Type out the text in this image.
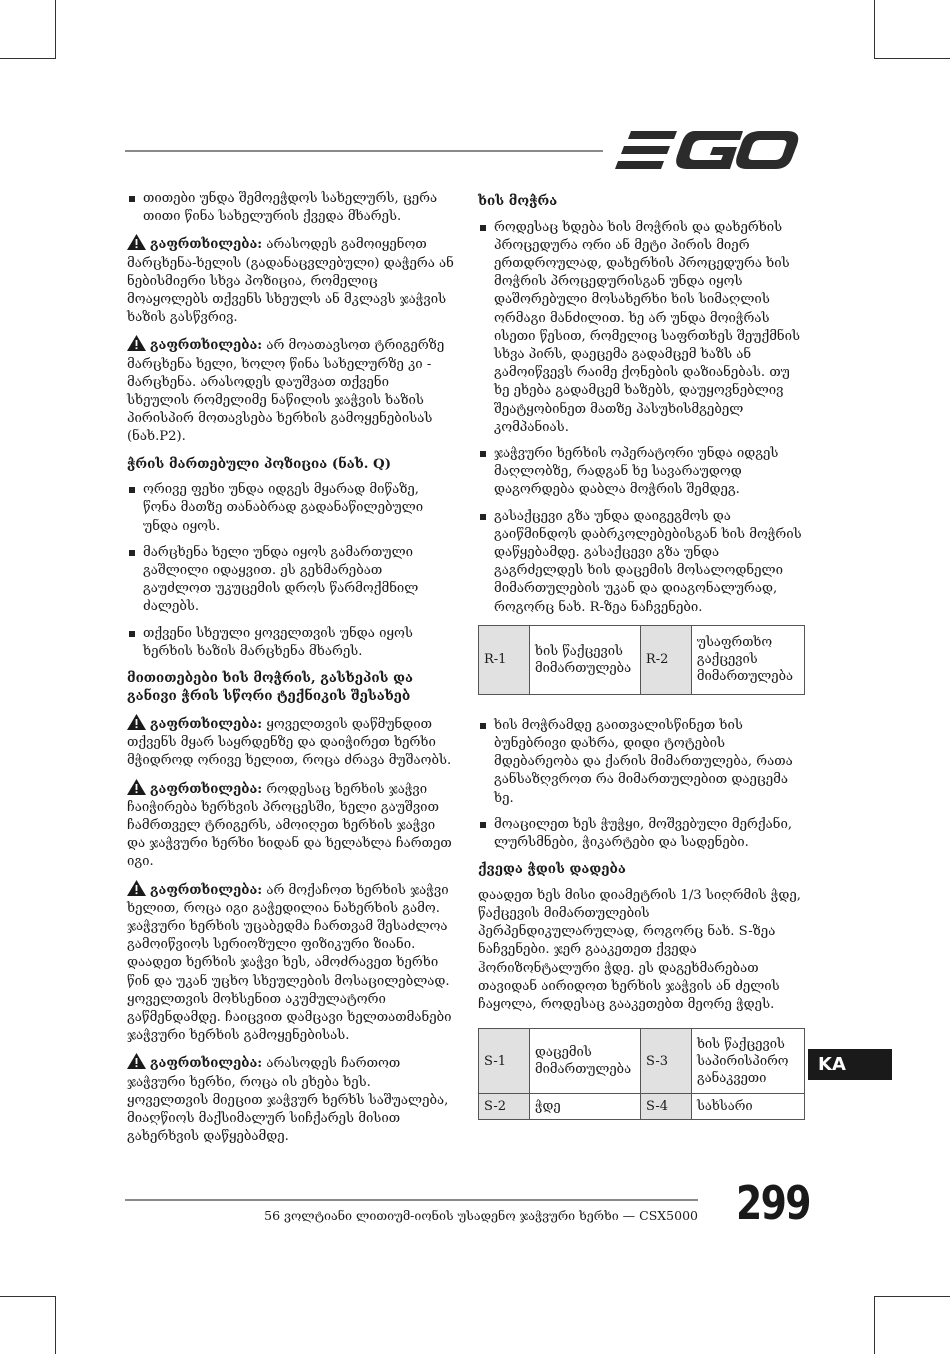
თითები უნდა შემოეჭდოს სახელურს, ცერა თითი წინა სახელურის ქვედა მხარეს.
გაფრთხილება: არასოდეს გამოიყენოთ მარცხენა-ხელის (გადანაცვლებული) დაჭერა ან ნებისმიერი სხვა პოზიცია, რომელიც მოაყოლებს თქვენს სხეულს ან მკლავს ჯაჭვის ხაზის გასწვრივ.
გაფრთხილება: არ მოათავსოთ ტრიგერზე მარცხენა ხელი, ხოლო წინა სახელურზე კი - მარცხენა. არასოდეს დაუშვათ თქვენი სხეულის რომელიმე ნაწილის ჯაჭვის ხაზის პირისპირ მოთავსება ხერხის გამოყენებისას (ნახ.P2).
ჭრის მართებული პოზიცია (ნახ. Q)
ორივე ფეხი უნდა იდგეს მყარად მიწაზე, წონა მათზე თანაბრად გადანაწილებული უნდა იყოს.
მარცხენა ხელი უნდა იყოს გამართული გაშლილი იდაყვით. ეს გეხმარებათ გაუძლოთ უკუცემის დროს წარმოქმნილ ძალებს.
თქვენი სხეული ყოველთვის უნდა იყოს ხერხის ხაზის მარცხენა მხარეს.
მითითებები ხის მოჭრის, გასხეპის და განივი ჭრის სწორი ტექნიკის შესახებ
გაფრთხილება: ყოველთვის დაწმუნდით თქვენს მყარ საყრდენზე და დაიჭირეთ ხერხი მჭიდროდ ორივე ხელით, როცა ძრავა მუშაობს.
გაფრთხილება: როდესაც ხერხის ჯაჭვი ჩაიჭირება ხერხვის პროცესში, ხელი გაუშვით ჩამრთველ ტრიგერს, ამოიღეთ ხერხის ჯაჭვი და ჯაჭვური ხერხი ხიდან და ხელახლა ჩართეთ იგი.
გაფრთხილება: არ მოქაჩოთ ხერხის ჯაჭვი ხელით, როცა იგი გაჭედილია ნახერხის გამო. ჯაჭვური ხერხის უცაბედმა ჩართვამ შესაძლოა გამოიწვიოს სერიოზული ფიზიკური ზიანი. დაადეთ ხერხის ჯაჭვი ხეს, ამოძრავეთ ხერხი წინ და უკან უცხო სხეულების მოსაცილებლად. ყოველთვის მოხსენით აკუმულატორი გაწმენდამდე. ჩაიცვით დამცავი ხელთათმანები ჯაჭვური ხერხის გამოყენებისას.
გაფრთხილება: არასოდეს ჩართოთ ჯაჭვური ხერხი, როცა ის ეხება ხეს. ყოველთვის მიეცით ჯაჭვურ ხერხს საშუალება, მიაღწიოს მაქსიმალურ სიჩქარეს მისით გახერხვის დაწყებამდე.
ხის მოჭრა
როდესაც ხდება ხის მოჭრის და დახერხის პროცედურა ორი ან მეტი პირის მიერ ერთდროულად, დახერხის პროცედურა ხის მოჭრის პროცედურისგან უნდა იყოს დაშორებული მოსახერხი ხის სიმაღლის ორმაგი მანძილით. ხე არ უნდა მოიჭრას ისეთი წესით, რომელიც საფრთხეს შეუქმნის სხვა პირს, დაეცემა გადამცემ ხაზს ან გამოიწვევს რაიმე ქონების დაზიანებას. თუ ხე ეხება გადამცემ ხაზებს, დაუყოვნებლივ შეატყობინეთ მათზე პასუხისმგებელ კომპანიას.
ჯაჭვური ხერხის ოპერატორი უნდა იდგეს მაღლობზე, რადგან ხე სავარაუდოდ დაგორდება დაბლა მოჭრის შემდეგ.
გასაქცევი გზა უნდა დაიგეგმოს და გაიწმინდოს დაბრკოლებებისგან ხის მოჭრის დაწყებამდე. გასაქცევი გზა უნდა გაგრძელდეს ხის დაცემის მოსალოდნელი მიმართულების უკან და დიაგონალურად, როგორც ნახ. R-ზეა ნაჩვენები.
R-1	ხის წაქცევის მიმართულება	R-2	უსაფრთხო გაქცევის მიმართულება
ხის მოჭრამდე გაითვალისწინეთ ხის ბუნებრივი დახრა, დიდი ტოტების მდებარეობა და ქარის მიმართულება, რათა განსაზღვროთ რა მიმართულებით დაეცემა ხე.
მოაცილეთ ხეს ჭუჭყი, მოშვებული მერქანი, ლურსმნები, ჭიკარტები და სადენები.
ქვედა ჭდის დადება

დაადეთ ხეს მისი დიამეტრის 1/3 სიღრმის ჭდე, წაქცევის მიმართულების პერპენდიკულარულად, როგორც ნახ. S-ზეა ნაჩვენები. ჯერ გააკეთეთ ქვედა ჰორიზონტალური ჭდე. ეს დაგეხმარებათ თავიდან აირიდოთ ხერხის ჯაჭვის ან ძელის ჩაყოლა, როდესაც გააკეთებთ მეორე ჭდეს.

S-1	დაცემის მიმართულება	S-3	ხის წაქცევის საპირისპირო განაკვეთი
S-2	ჭდე	S-4	სახსარი
KA
56 ვოლტიანი ლითიუმ-იონის უსადენო ჯაჭვური ხერხი — CSX5000 299
